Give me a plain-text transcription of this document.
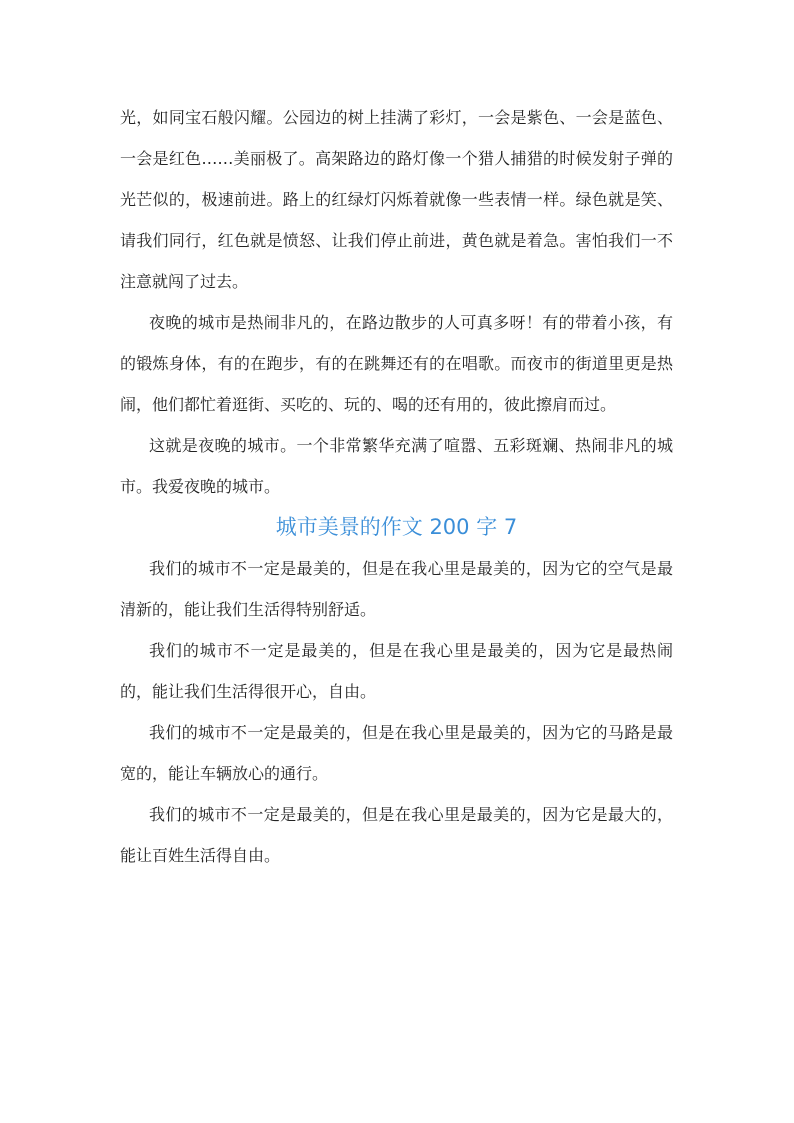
光，如同宝石般闪耀。公园边的树上挂满了彩灯，一会是紫色、一会是蓝色、一会是红色……美丽极了。高架路边的路灯像一个猎人捕猎的时候发射子弹的光芒似的，极速前进。路上的红绿灯闪烁着就像一些表情一样。绿色就是笑、请我们同行，红色就是愤怒、让我们停止前进，黄色就是着急。害怕我们一不注意就闯了过去。

夜晚的城市是热闹非凡的，在路边散步的人可真多呀！有的带着小孩，有的锻炼身体，有的在跑步，有的在跳舞还有的在唱歌。而夜市的街道里更是热闹，他们都忙着逛街、买吃的、玩的、喝的还有用的，彼此擦肩而过。

这就是夜晚的城市。一个非常繁华充满了喧嚣、五彩斑斓、热闹非凡的城市。我爱夜晚的城市。

城市美景的作文 200 字 7

我们的城市不一定是最美的，但是在我心里是最美的，因为它的空气是最清新的，能让我们生活得特别舒适。

我们的城市不一定是最美的，但是在我心里是最美的，因为它是最热闹的，能让我们生活得很开心，自由。

我们的城市不一定是最美的，但是在我心里是最美的，因为它的马路是最宽的，能让车辆放心的通行。

我们的城市不一定是最美的，但是在我心里是最美的，因为它是最大的，能让百姓生活得自由。
